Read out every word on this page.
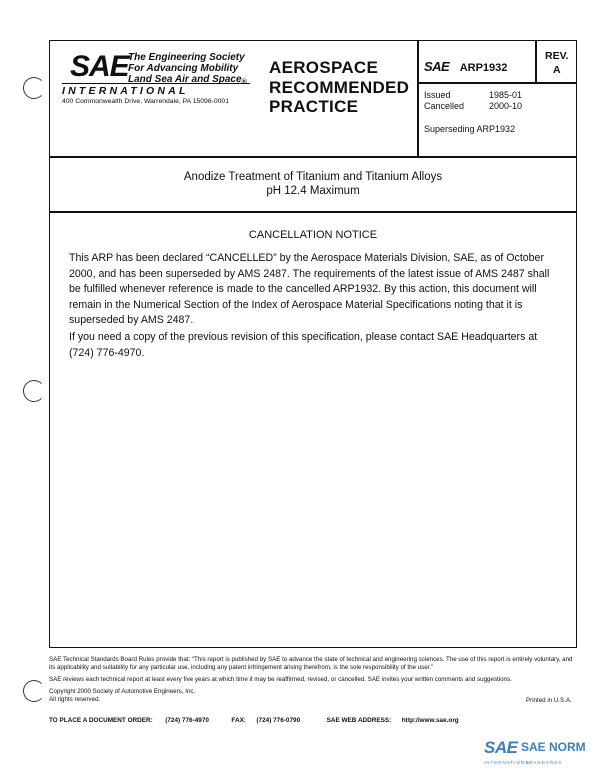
SAE The Engineering Society
For Advancing Mobility
Land Sea Air and Space$_®$
INTERNATIONAL
400 Commonwealth Drive, Warrendale, PA 15096-0001
AEROSPACE
RECOMMENDED
PRACTICE
SAE ARP1932
REV.
A
Issued	1985-01
Cancelled	2000-10
Superseding ARP1932
Anodize Treatment of Titanium and Titanium Alloys
pH 12.4 Maximum
CANCELLATION NOTICE
This ARP has been declared “CANCELLED” by the Aerospace Materials Division, SAE, as of October 2000, and has been superseded by AMS 2487. The requirements of the latest issue of AMS 2487 shall be fulfilled whenever reference is made to the cancelled ARP1932. By this action, this document will remain in the Numerical Section of the Index of Aerospace Material Specifications noting that it is superseded by AMS 2487.
If you need a copy of the previous revision of this specification, please contact SAE Headquarters at (724) 776-4970.
SAE Technical Standards Board Rules provide that: “This report is published by SAE to advance the state of technical and engineering sciences. The use of this report is entirely voluntary, and its applicability and suitability for any particular use, including any patent infringement arising therefrom, is the sole responsibility of the user.”
SAE reviews each technical report at least every five years at which time it may be reaffirmed, revised, or cancelled. SAE invites your written comments and suggestions.
Copyright 2000 Society of Automotive Engineers, Inc.
All rights reserved.	Printed in U.S.A.
TO PLACE A DOCUMENT ORDER: (724) 776-4970	FAX: (724) 776-0790	SAE WEB ADDRESS: http://www.sae.org
SAE SAE NORM
INTERNATIONAL
STANDARDS
